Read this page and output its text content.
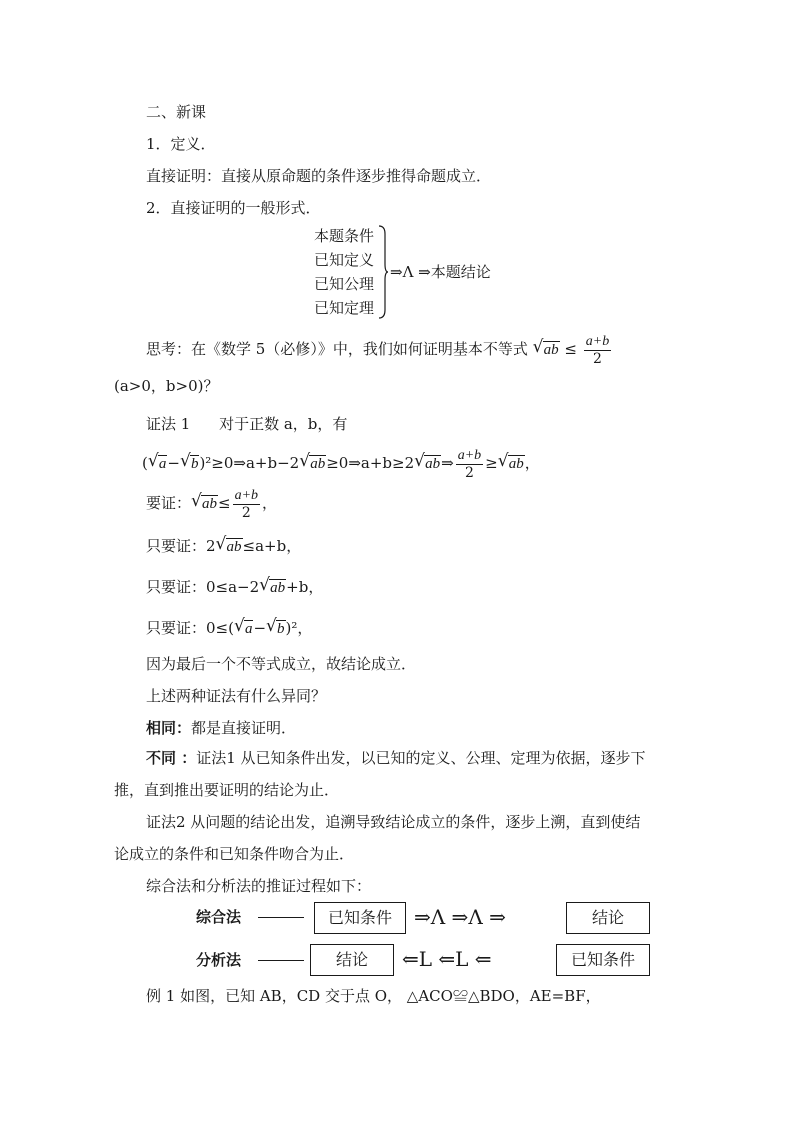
二、新课
1．定义．
直接证明：直接从原命题的条件逐步推得命题成立．
2．直接证明的一般形式．
本题条件
已知定义
已知公理
已知定理
⇒Λ ⇒本题结论
思考：在《数学 5（必修）》中，我们如何证明基本不等式 √ ab ≤ $\frac{a+b}{2}$
(a>0，b>0)？
证法 1 对于正数 a，b，有
( √ a− √ b)²≥0⇒a+b−2 √ ab≥0⇒a+b≥2 √ ab⇒ $\frac{a+b}{2}$ ≥ √ ab，
要证： √ $ab\le \frac{a+b}{2}$ ，
只要证：2 √ ab≤a+b，
只要证：0≤a−2 √ ab+b，
只要证：0≤( √ a− √ b)²，
因为最后一个不等式成立，故结论成立．
上述两种证法有什么异同？
相同：都是直接证明．
不同 ：证法1 从已知条件出发，以已知的定义、公理、定理为依据，逐步下
推，直到推出要证明的结论为止．
证法2 从问题的结论出发，追溯导致结论成立的条件，逐步上溯，直到使结
论成立的条件和已知条件吻合为止．
综合法和分析法的推证过程如下：
综合法	已知条件	⇒Λ ⇒Λ ⇒	结论
分析法	结论	⇐L ⇐L ⇐	已知条件
例 1 如图，已知 AB，CD 交于点 O， △ACO≌△BDO，AE=BF，
